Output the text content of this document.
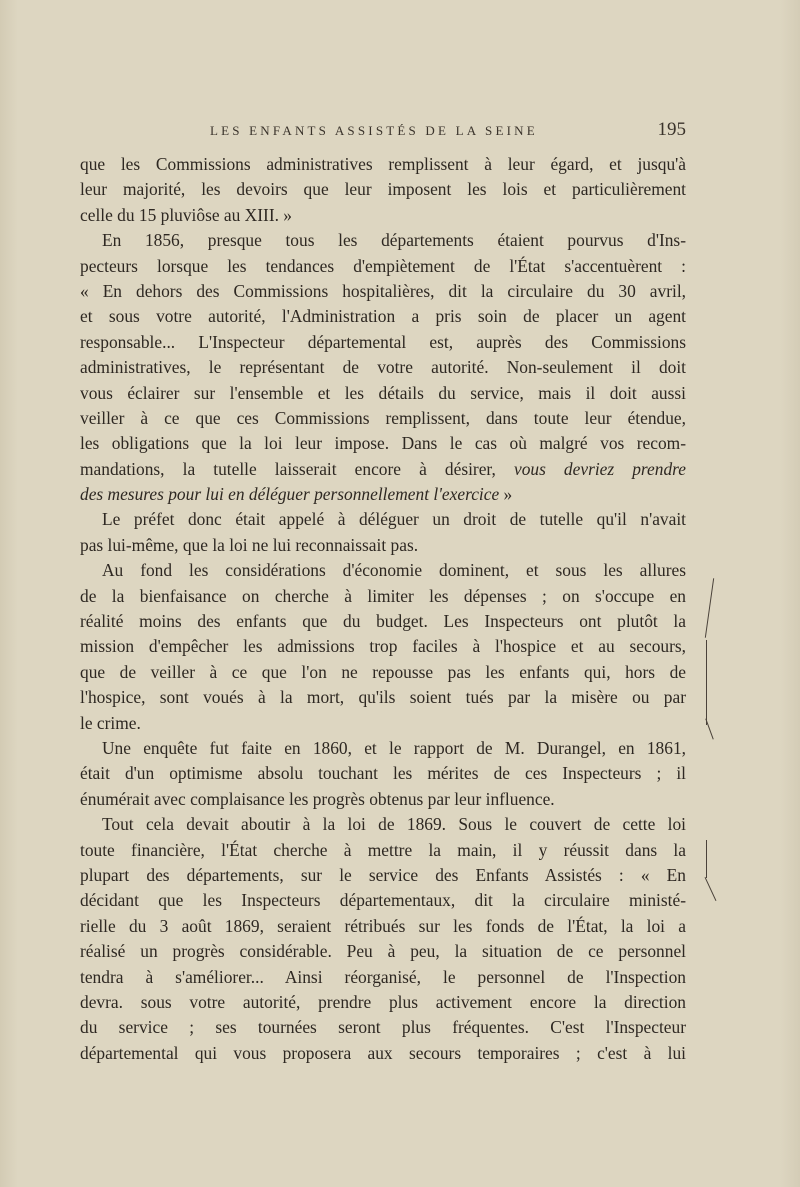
LES ENFANTS ASSISTÉS DE LA SEINE	195
que les Commissions administratives remplissent à leur égard, et jusqu'à
leur majorité, les devoirs que leur imposent les lois et particulièrement
celle du 15 pluviôse au XIII. »
En 1856, presque tous les départements étaient pourvus d'Ins-
pecteurs lorsque les tendances d'empiètement de l'État s'accentuèrent :
« En dehors des Commissions hospitalières, dit la circulaire du 30 avril,
et sous votre autorité, l'Administration a pris soin de placer un agent
responsable... L'Inspecteur départemental est, auprès des Commissions
administratives, le représentant de votre autorité. Non-seulement il doit
vous éclairer sur l'ensemble et les détails du service, mais il doit aussi
veiller à ce que ces Commissions remplissent, dans toute leur étendue,
les obligations que la loi leur impose. Dans le cas où malgré vos recom-
mandations, la tutelle laisserait encore à désirer, vous devriez prendre
des mesures pour lui en déléguer personnellement l'exercice »
Le préfet donc était appelé à déléguer un droit de tutelle qu'il n'avait
pas lui-même, que la loi ne lui reconnaissait pas.
Au fond les considérations d'économie dominent, et sous les allures
de la bienfaisance on cherche à limiter les dépenses ; on s'occupe en
réalité moins des enfants que du budget. Les Inspecteurs ont plutôt la
mission d'empêcher les admissions trop faciles à l'hospice et au secours,
que de veiller à ce que l'on ne repousse pas les enfants qui, hors de
l'hospice, sont voués à la mort, qu'ils soient tués par la misère ou par
le crime.
Une enquête fut faite en 1860, et le rapport de M. Durangel, en 1861,
était d'un optimisme absolu touchant les mérites de ces Inspecteurs ; il
énumérait avec complaisance les progrès obtenus par leur influence.
Tout cela devait aboutir à la loi de 1869. Sous le couvert de cette loi
toute financière, l'État cherche à mettre la main, il y réussit dans la
plupart des départements, sur le service des Enfants Assistés : « En
décidant que les Inspecteurs départementaux, dit la circulaire ministé-
rielle du 3 août 1869, seraient rétribués sur les fonds de l'État, la loi a
réalisé un progrès considérable. Peu à peu, la situation de ce personnel
tendra à s'améliorer... Ainsi réorganisé, le personnel de l'Inspection
devra. sous votre autorité, prendre plus activement encore la direction
du service ; ses tournées seront plus fréquentes. C'est l'Inspecteur
départemental qui vous proposera aux secours temporaires ; c'est à lui
